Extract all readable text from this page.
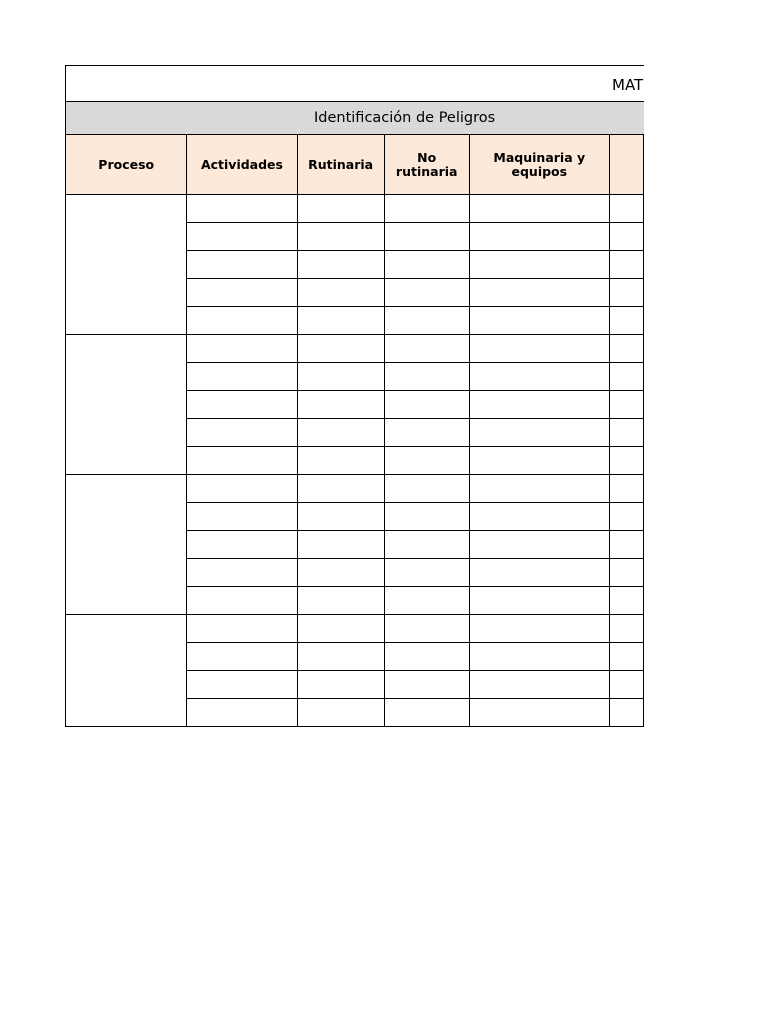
MAT
Identificación de Peligros
Proceso	Actividades	Rutinaria	No rutinaria	Maquinaria y equipos	
